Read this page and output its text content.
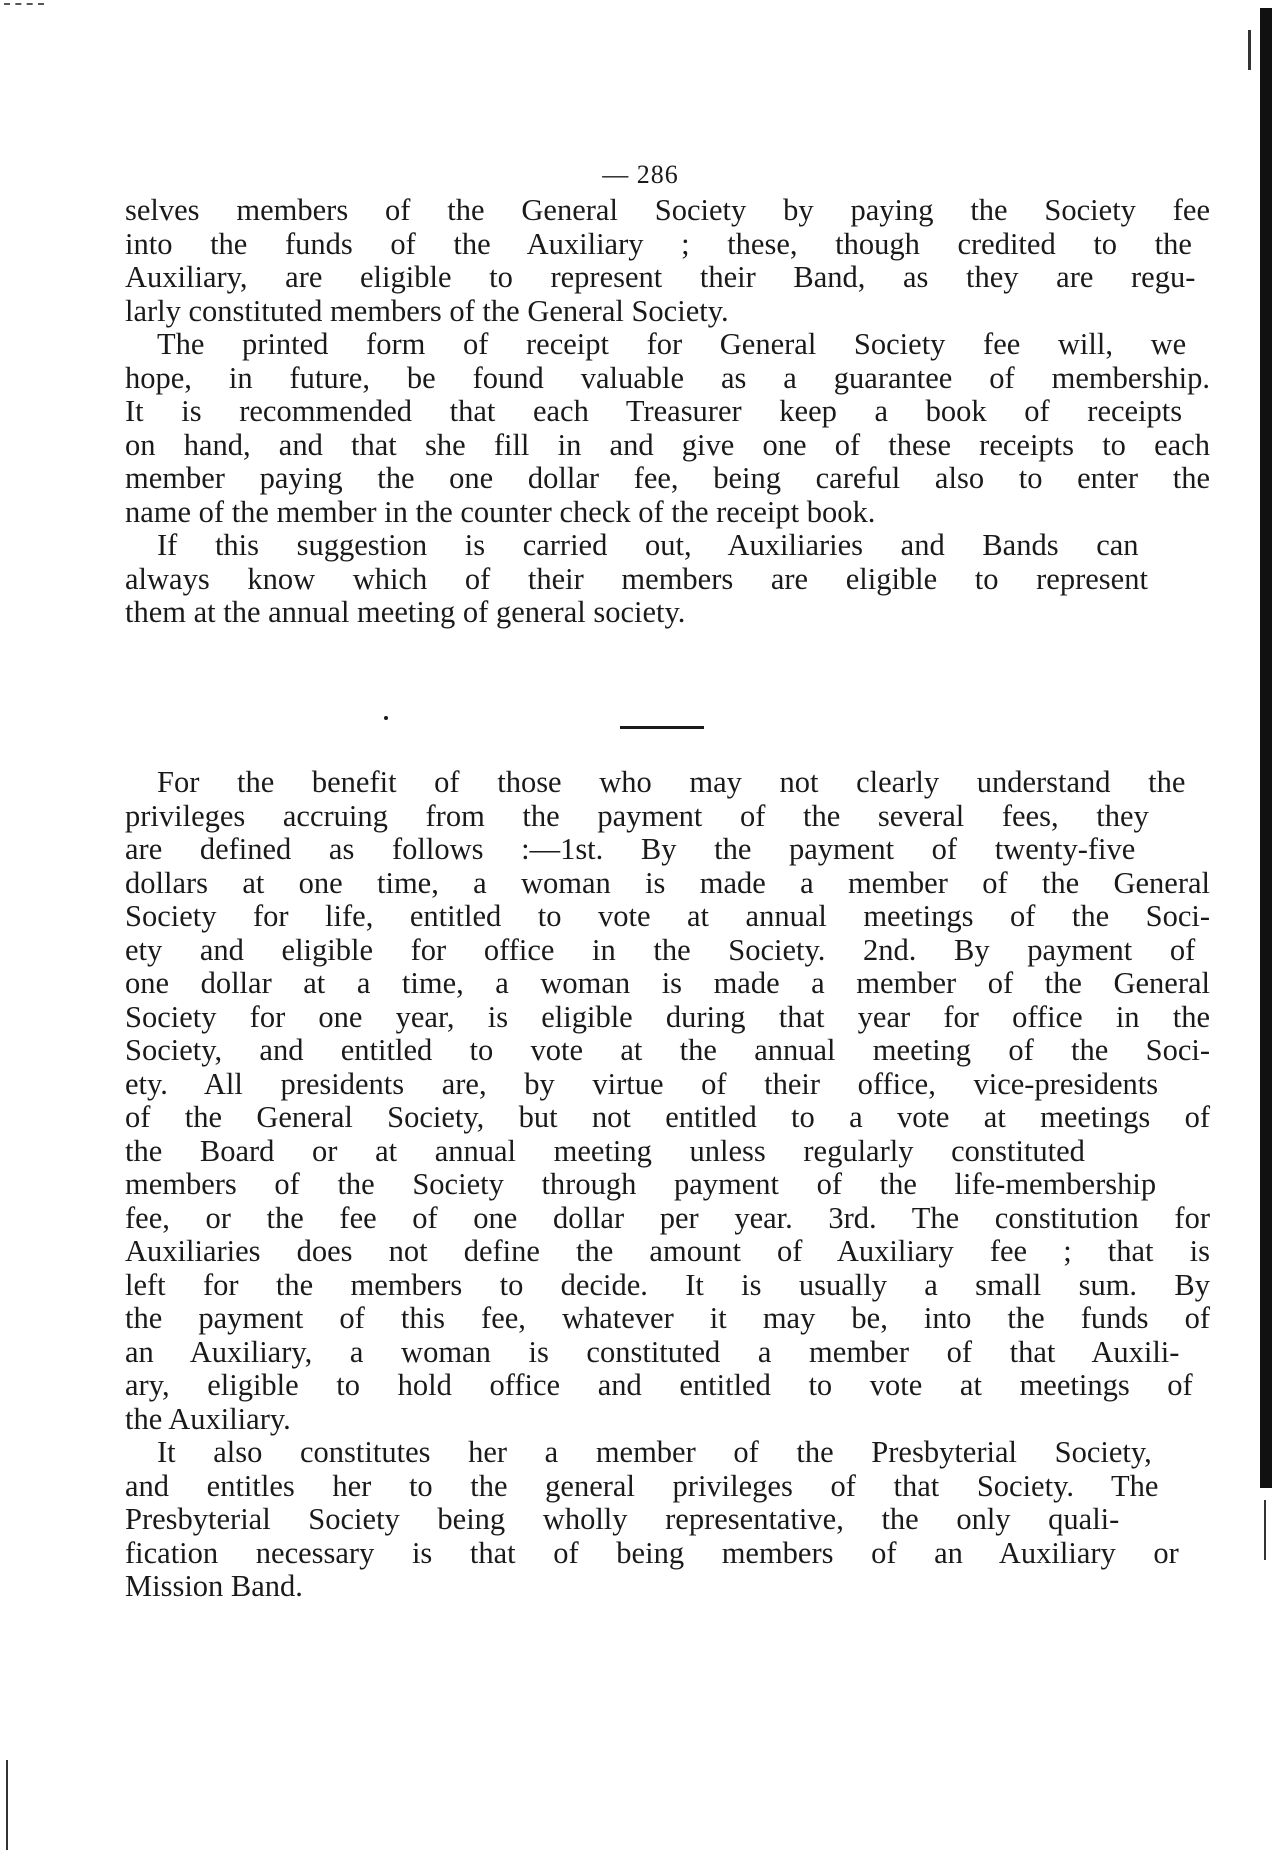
— 286

selves members of the General Society by paying the Society fee
into the funds of the Auxiliary ; these, though credited to the
Auxiliary, are eligible to represent their Band, as they are regu-
larly constituted members of the General Society.

The printed form of receipt for General Society fee will, we
hope, in future, be found valuable as a guarantee of membership.
It is recommended that each Treasurer keep a book of receipts
on hand, and that she fill in and give one of these receipts to each
member paying the one dollar fee, being careful also to enter the
name of the member in the counter check of the receipt book.

If this suggestion is carried out, Auxiliaries and Bands can
always know which of their members are eligible to represent
them at the annual meeting of general society.

For the benefit of those who may not clearly understand the
privileges accruing from the payment of the several fees, they
are defined as follows :—1st. By the payment of twenty-five
dollars at one time, a woman is made a member of the General
Society for life, entitled to vote at annual meetings of the Soci-
ety and eligible for office in the Society. 2nd. By payment of
one dollar at a time, a woman is made a member of the General
Society for one year, is eligible during that year for office in the
Society, and entitled to vote at the annual meeting of the Soci-
ety. All presidents are, by virtue of their office, vice-presidents
of the General Society, but not entitled to a vote at meetings of
the Board or at annual meeting unless regularly constituted
members of the Society through payment of the life-membership
fee, or the fee of one dollar per year. 3rd. The constitution for
Auxiliaries does not define the amount of Auxiliary fee ; that is
left for the members to decide. It is usually a small sum. By
the payment of this fee, whatever it may be, into the funds of
an Auxiliary, a woman is constituted a member of that Auxili-
ary, eligible to hold office and entitled to vote at meetings of
the Auxiliary.

It also constitutes her a member of the Presbyterial Society,
and entitles her to the general privileges of that Society. The
Presbyterial Society being wholly representative, the only quali-
fication necessary is that of being members of an Auxiliary or
Mission Band.
